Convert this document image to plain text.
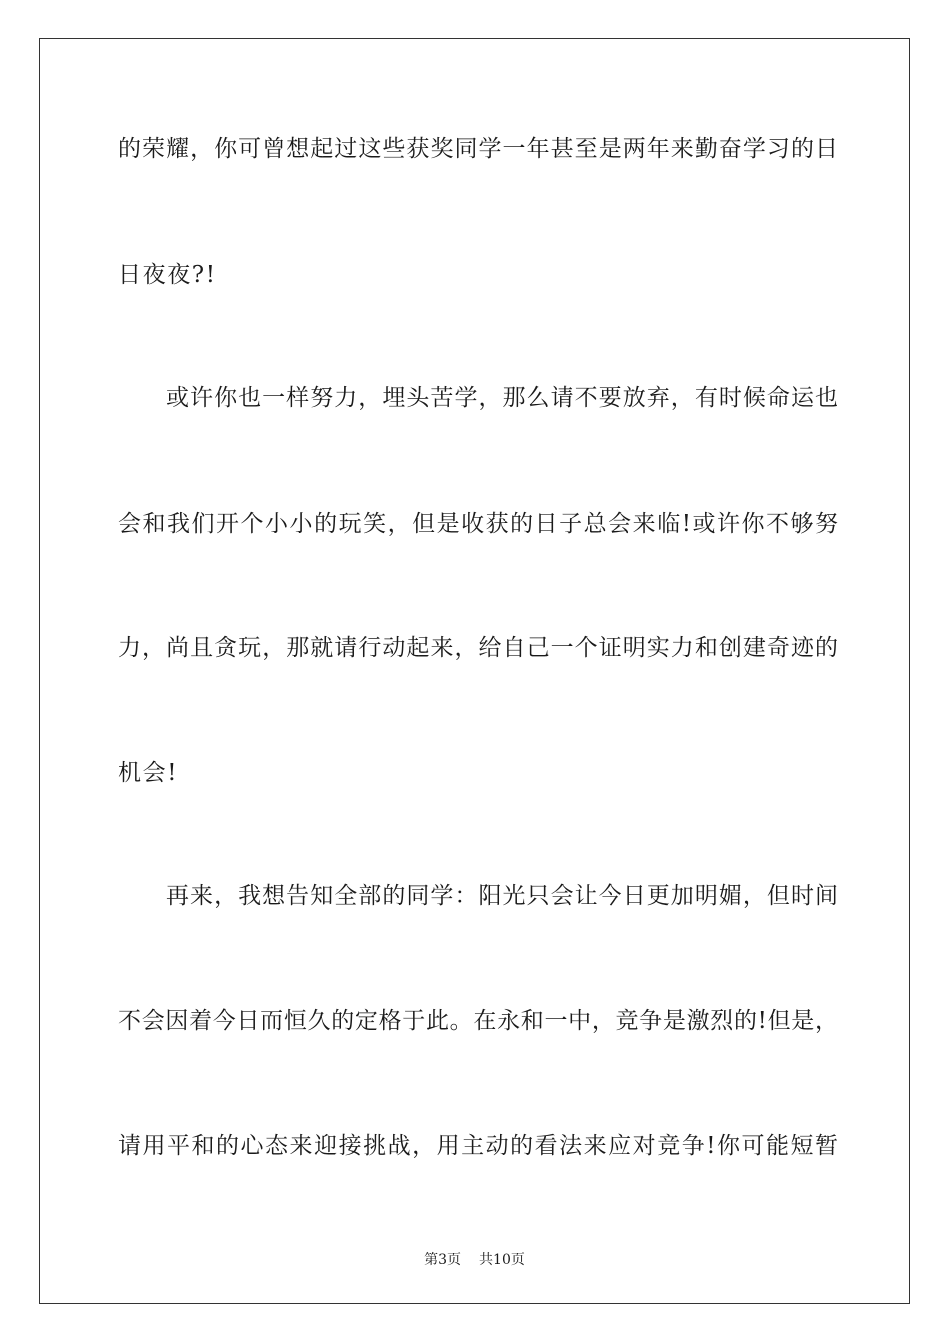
的荣耀，你可曾想起过这些获奖同学一年甚至是两年来勤奋学习的日
日夜夜?!
或许你也一样努力，埋头苦学，那么请不要放弃，有时候命运也
会和我们开个小小的玩笑，但是收获的日子总会来临!或许你不够努
力，尚且贪玩，那就请行动起来，给自己一个证明实力和创建奇迹的
机会!
再来，我想告知全部的同学：阳光只会让今日更加明媚，但时间
不会因着今日而恒久的定格于此。在永和一中，竞争是激烈的!但是，
请用平和的心态来迎接挑战，用主动的看法来应对竞争!你可能短暂
第3页 共10页
